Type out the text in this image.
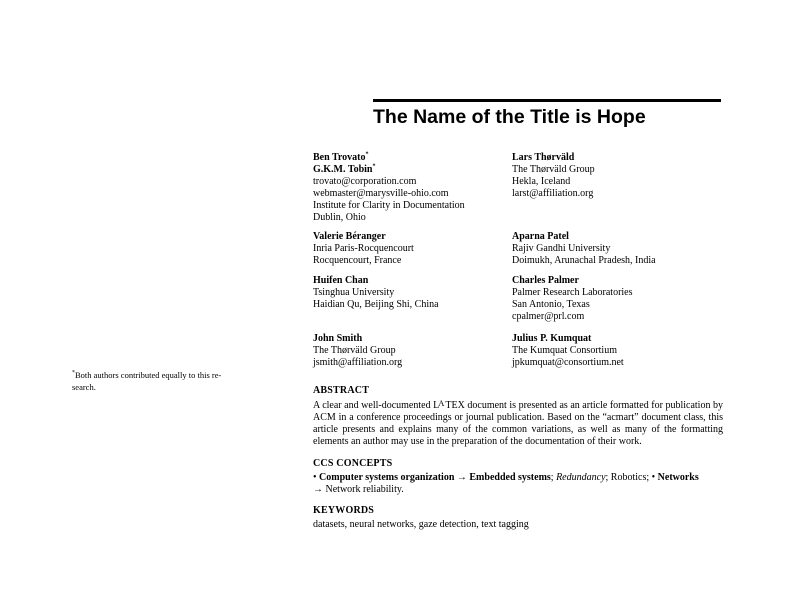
The Name of the Title is Hope
Ben Trovato*
G.K.M. Tobin*
trovato@corporation.com
webmaster@marysville-ohio.com
Institute for Clarity in Documentation
Dublin, Ohio
Lars Thørväld
The Thørväld Group
Hekla, Iceland
larst@affiliation.org
Valerie Béranger
Inria Paris-Rocquencourt
Rocquencourt, France
Aparna Patel
Rajiv Gandhi University
Doimukh, Arunachal Pradesh, India
Huifen Chan
Tsinghua University
Haidian Qu, Beijing Shi, China
Charles Palmer
Palmer Research Laboratories
San Antonio, Texas
cpalmer@prl.com
John Smith
The Thørväld Group
jsmith@affiliation.org
Julius P. Kumquat
The Kumquat Consortium
jpkumquat@consortium.net
*Both authors contributed equally to this re-
search.	ABSTRACT
A clear and well-documented $L^ATEX$ document is presented as an article formatted for publication by ACM in a conference proceedings or journal publication. Based on the “acmart” document class, this article presents and explains many of the common variations, as well as many of the formatting elements an author may use in the preparation of the documentation of their work.
CCS CONCEPTS
• Computer systems organization → Embedded systems; Redundancy; Robotics; • Networks
→ Network reliability.
KEYWORDS
datasets, neural networks, gaze detection, text tagging
